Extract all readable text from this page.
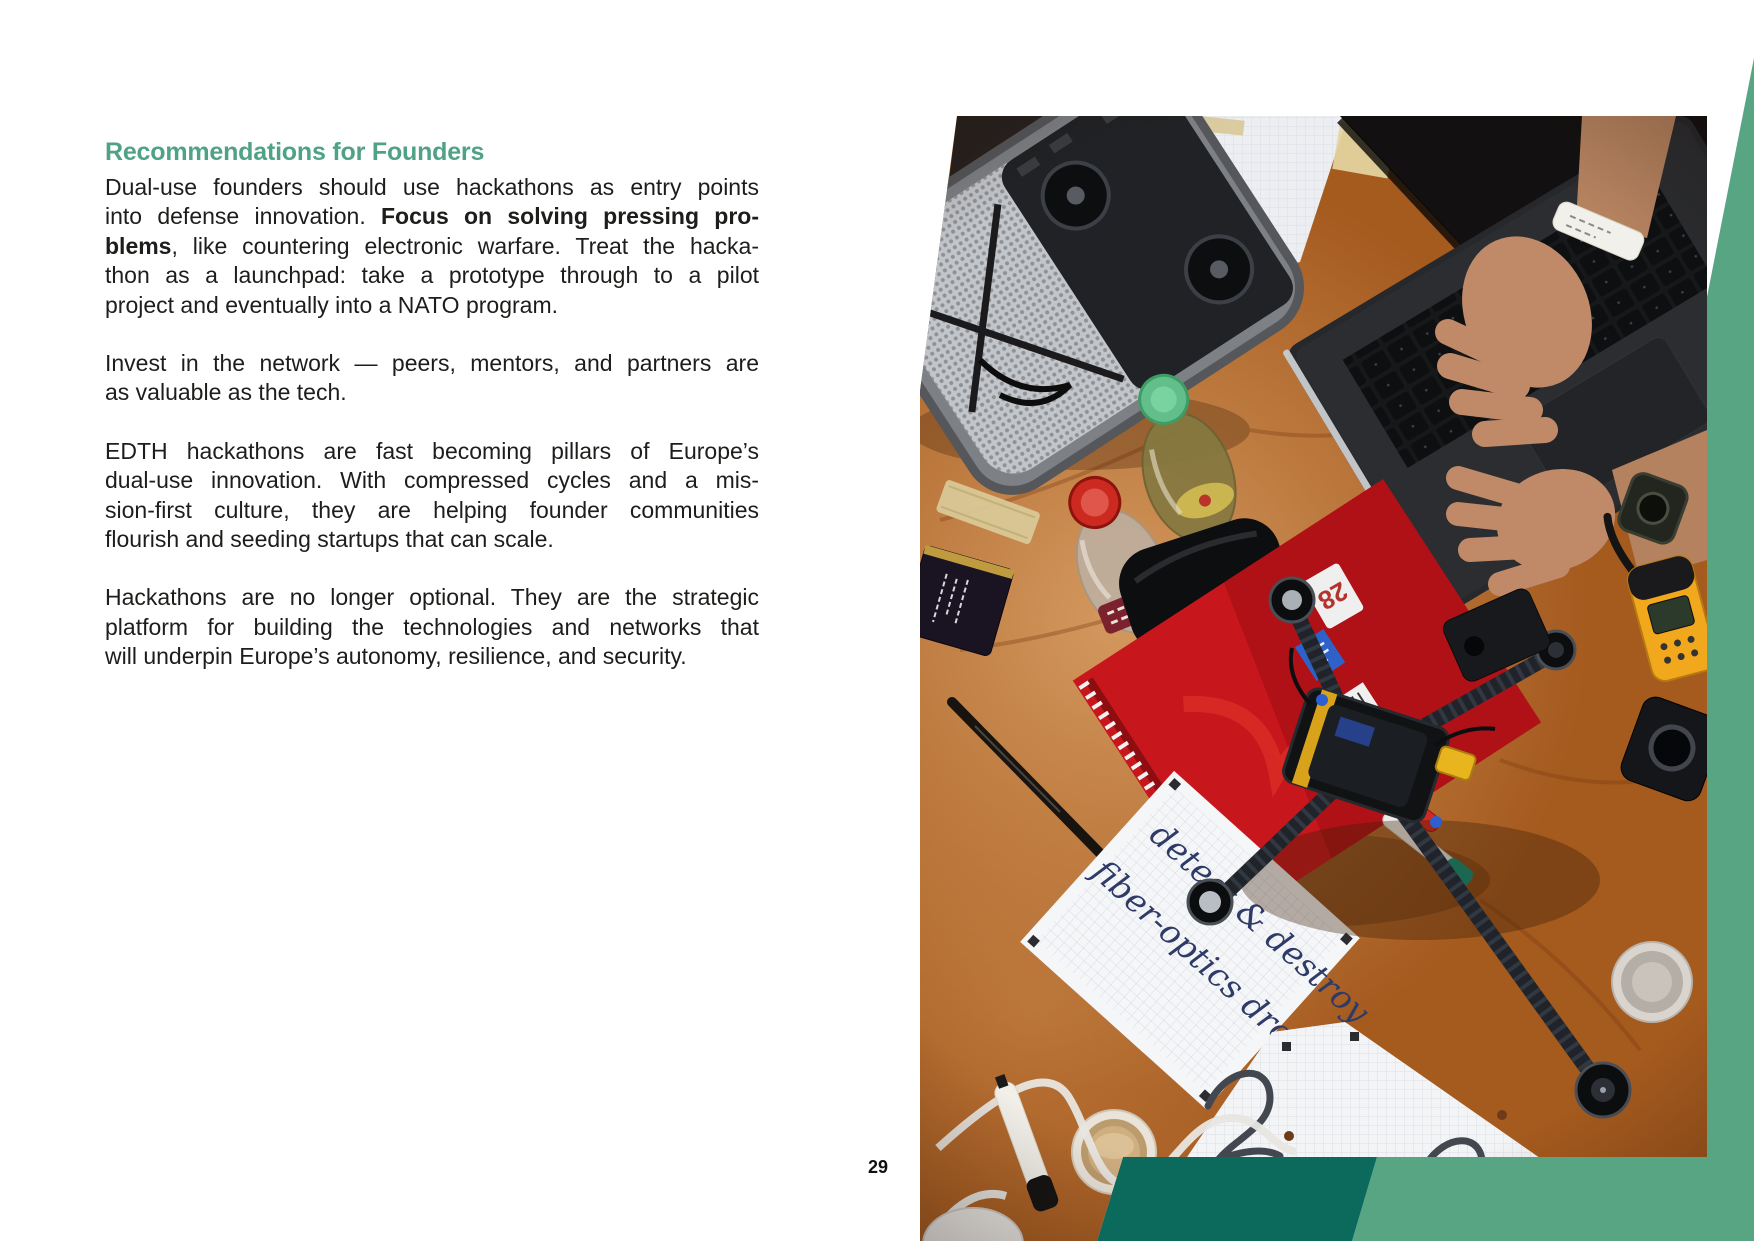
Recommendations for Founders
Dual-use founders should use hackathons as entry points
into defense innovation. Focus on solving pressing pro-
blems, like countering electronic warfare. Treat the hacka-
thon as a launchpad: take a prototype through to a pilot
project and eventually into a NATO program.
Invest in the network — peers, mentors, and partners are
as valuable as the tech.
EDTH hackathons are fast becoming pillars of Europe’s
dual-use innovation. With compressed cycles and a mis-
sion-first culture, they are helping founder communities
flourish and seeding startups that can scale.
Hackathons are no longer optional. They are the strategic
platform for building the technologies and networks that
will underpin Europe’s autonomy, resilience, and security.
29
